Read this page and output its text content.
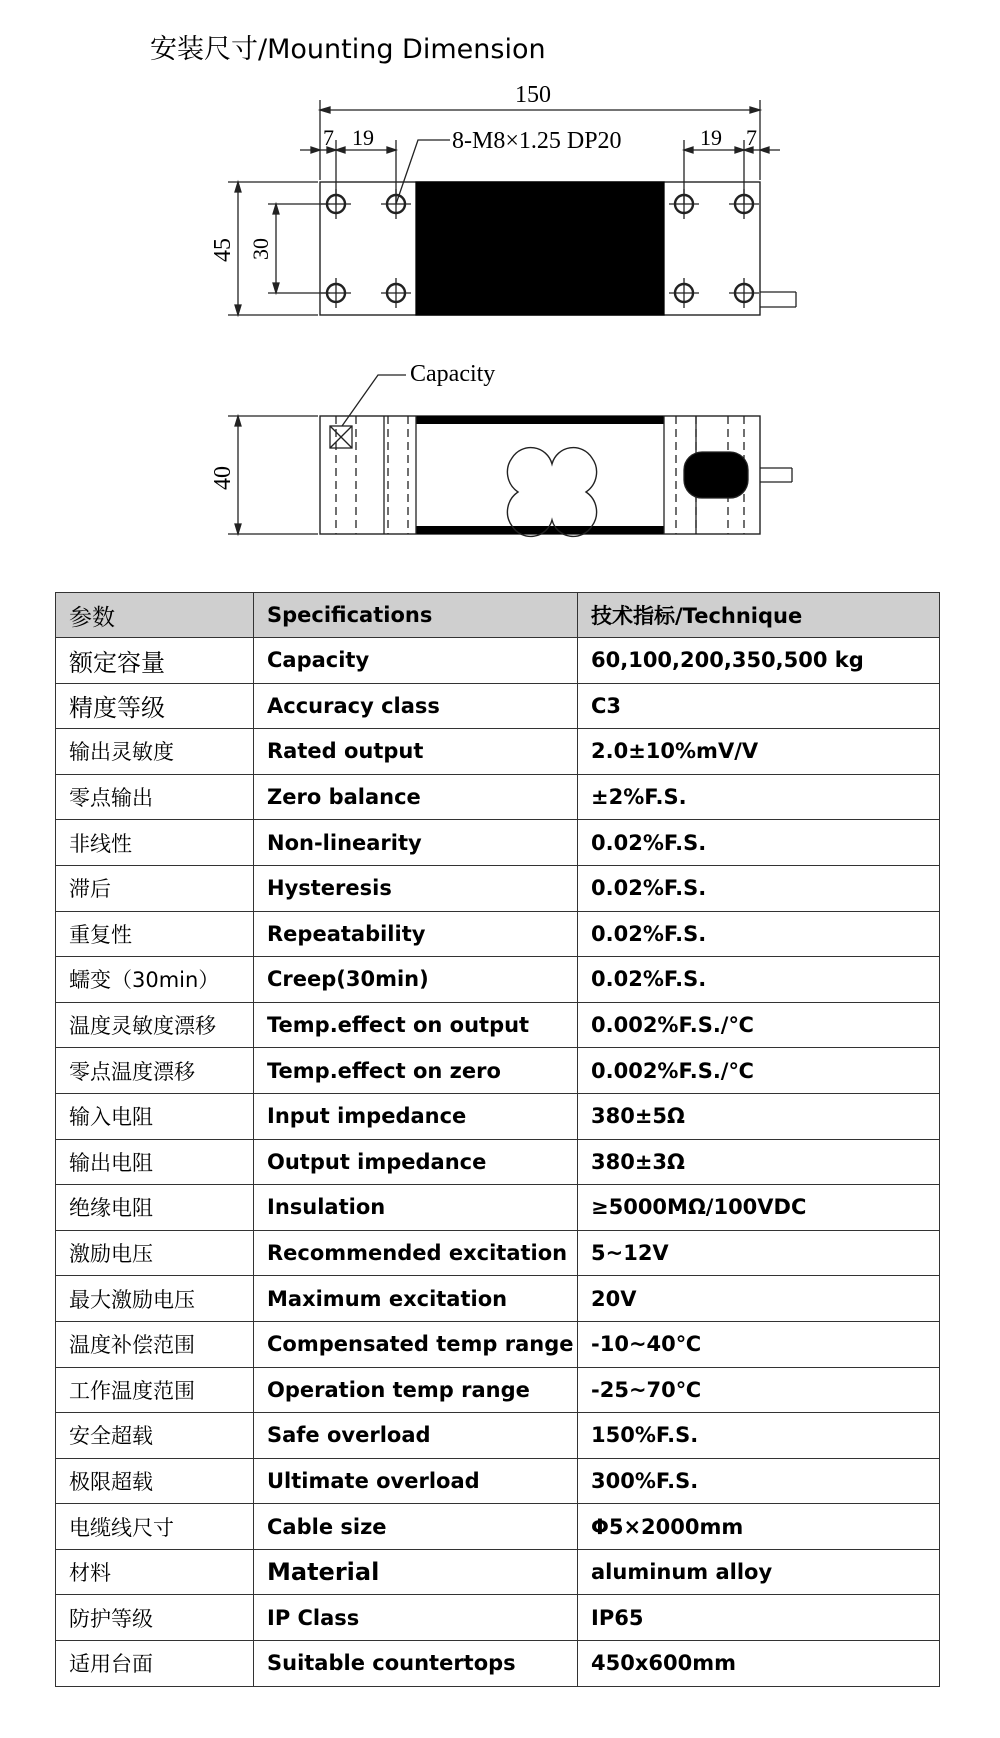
安装尺寸/Mounting Dimension
150
7 19	8-M8×1.25 DP20	19 7
45 30
Capacity
40
参数	Specifications	技术指标/Technique
额定容量	Capacity	60,100,200,350,500 kg
精度等级	Accuracy class	C3
输出灵敏度	Rated output	2.0±10%mV/V
零点输出	Zero balance	±2%F.S.
非线性	Non-linearity	0.02%F.S.
滞后	Hysteresis	0.02%F.S.
重复性	Repeatability	0.02%F.S.
蠕变（30min）	Creep(30min)	0.02%F.S.
温度灵敏度漂移	Temp.effect on output	0.002%F.S./℃
零点温度漂移	Temp.effect on zero	0.002%F.S./℃
输入电阻	Input impedance	380±5Ω
输出电阻	Output impedance	380±3Ω
绝缘电阻	Insulation	≥5000MΩ/100VDC
激励电压	Recommended excitation	5~12V
最大激励电压	Maximum excitation	20V
温度补偿范围	Compensated temp range	-10~40℃
工作温度范围	Operation temp range	-25~70℃
安全超载	Safe overload	150%F.S.
极限超载	Ultimate overload	300%F.S.
电缆线尺寸	Cable size	Φ5×2000mm
材料	Material	aluminum alloy
防护等级	IP Class	IP65
适用台面	Suitable countertops	450x600mm
